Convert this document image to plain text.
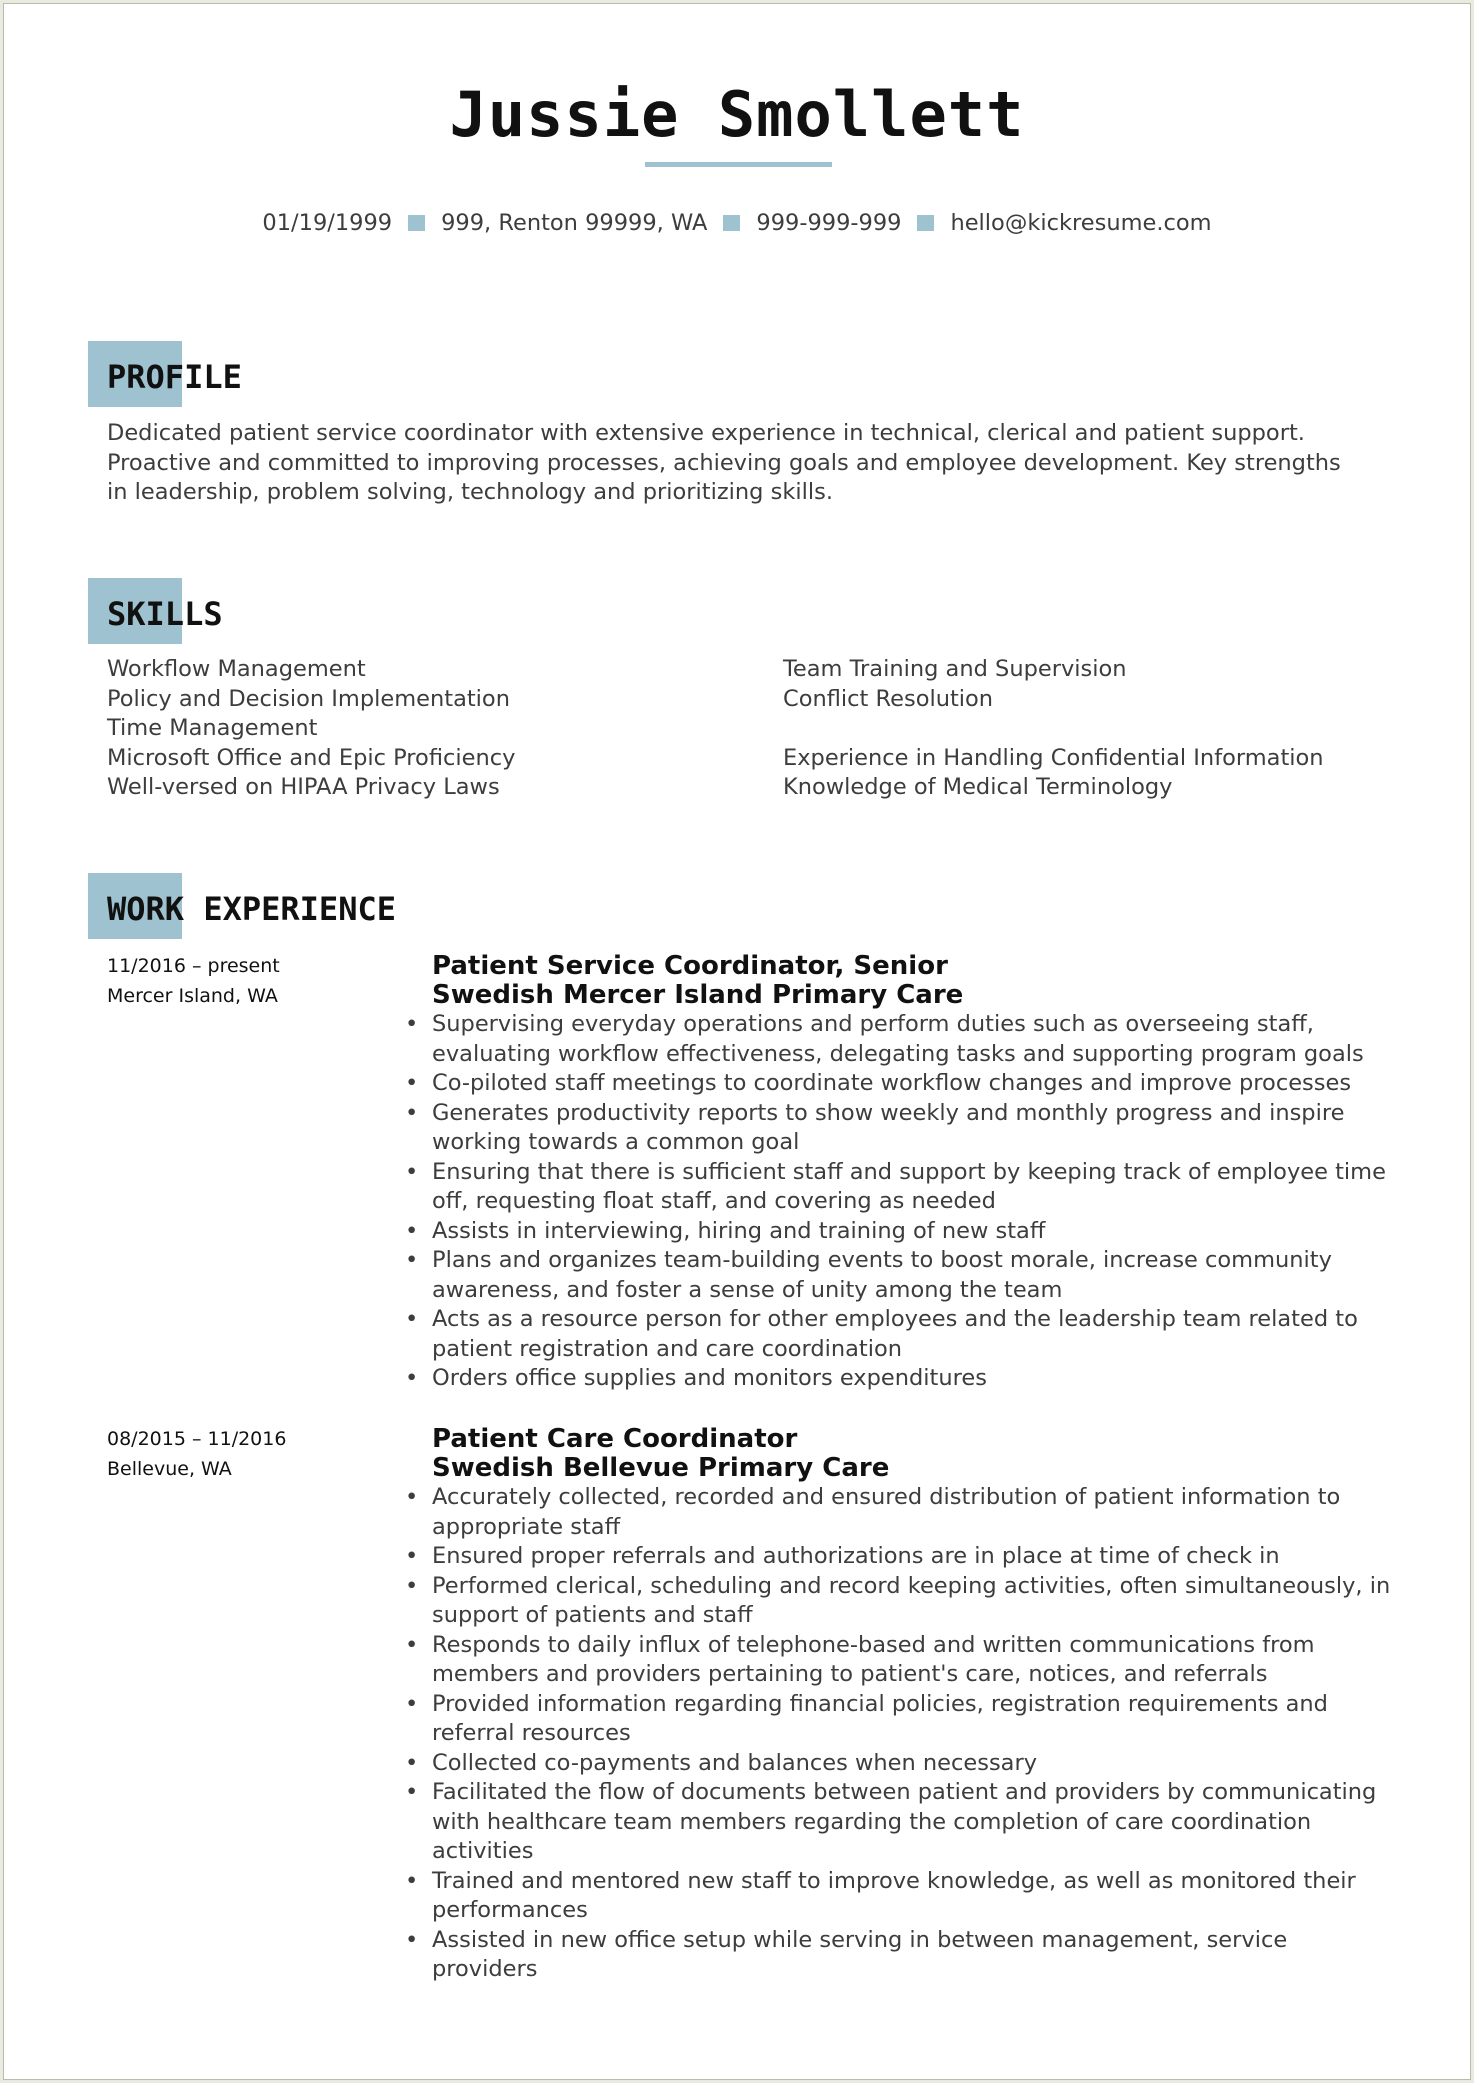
Jussie Smollett
01/19/1999 999, Renton 99999, WA 999-999-999 hello@kickresume.com
PROFILE

Dedicated patient service coordinator with extensive experience in technical, clerical and patient support. Proactive and committed to improving processes, achieving goals and employee development. Key strengths in leadership, problem solving, technology and prioritizing skills.

SKILLS
Workflow Management
Policy and Decision Implementation
Time Management
Microsoft Office and Epic Proficiency
Well-versed on HIPAA Privacy Laws
Team Training and Supervision
Conflict Resolution
Experience in Handling Confidential Information
Knowledge of Medical Terminology
WORK EXPERIENCE
11/2016 – present
Mercer Island, WA
Patient Service Coordinator, Senior
Swedish Mercer Island Primary Care
• Supervising everyday operations and perform duties such as overseeing staff, evaluating workflow effectiveness, delegating tasks and supporting program goals
• Co-piloted staff meetings to coordinate workflow changes and improve processes
• Generates productivity reports to show weekly and monthly progress and inspire working towards a common goal
• Ensuring that there is sufficient staff and support by keeping track of employee time off, requesting float staff, and covering as needed
• Assists in interviewing, hiring and training of new staff
• Plans and organizes team-building events to boost morale, increase community awareness, and foster a sense of unity among the team
• Acts as a resource person for other employees and the leadership team related to patient registration and care coordination
• Orders office supplies and monitors expenditures
08/2015 – 11/2016
Bellevue, WA
Patient Care Coordinator
Swedish Bellevue Primary Care
• Accurately collected, recorded and ensured distribution of patient information to appropriate staff
• Ensured proper referrals and authorizations are in place at time of check in
• Performed clerical, scheduling and record keeping activities, often simultaneously, in support of patients and staff
• Responds to daily influx of telephone-based and written communications from members and providers pertaining to patient's care, notices, and referrals
• Provided information regarding financial policies, registration requirements and referral resources
• Collected co-payments and balances when necessary
• Facilitated the flow of documents between patient and providers by communicating with healthcare team members regarding the completion of care coordination activities
• Trained and mentored new staff to improve knowledge, as well as monitored their performances
• Assisted in new office setup while serving in between management, service providers
